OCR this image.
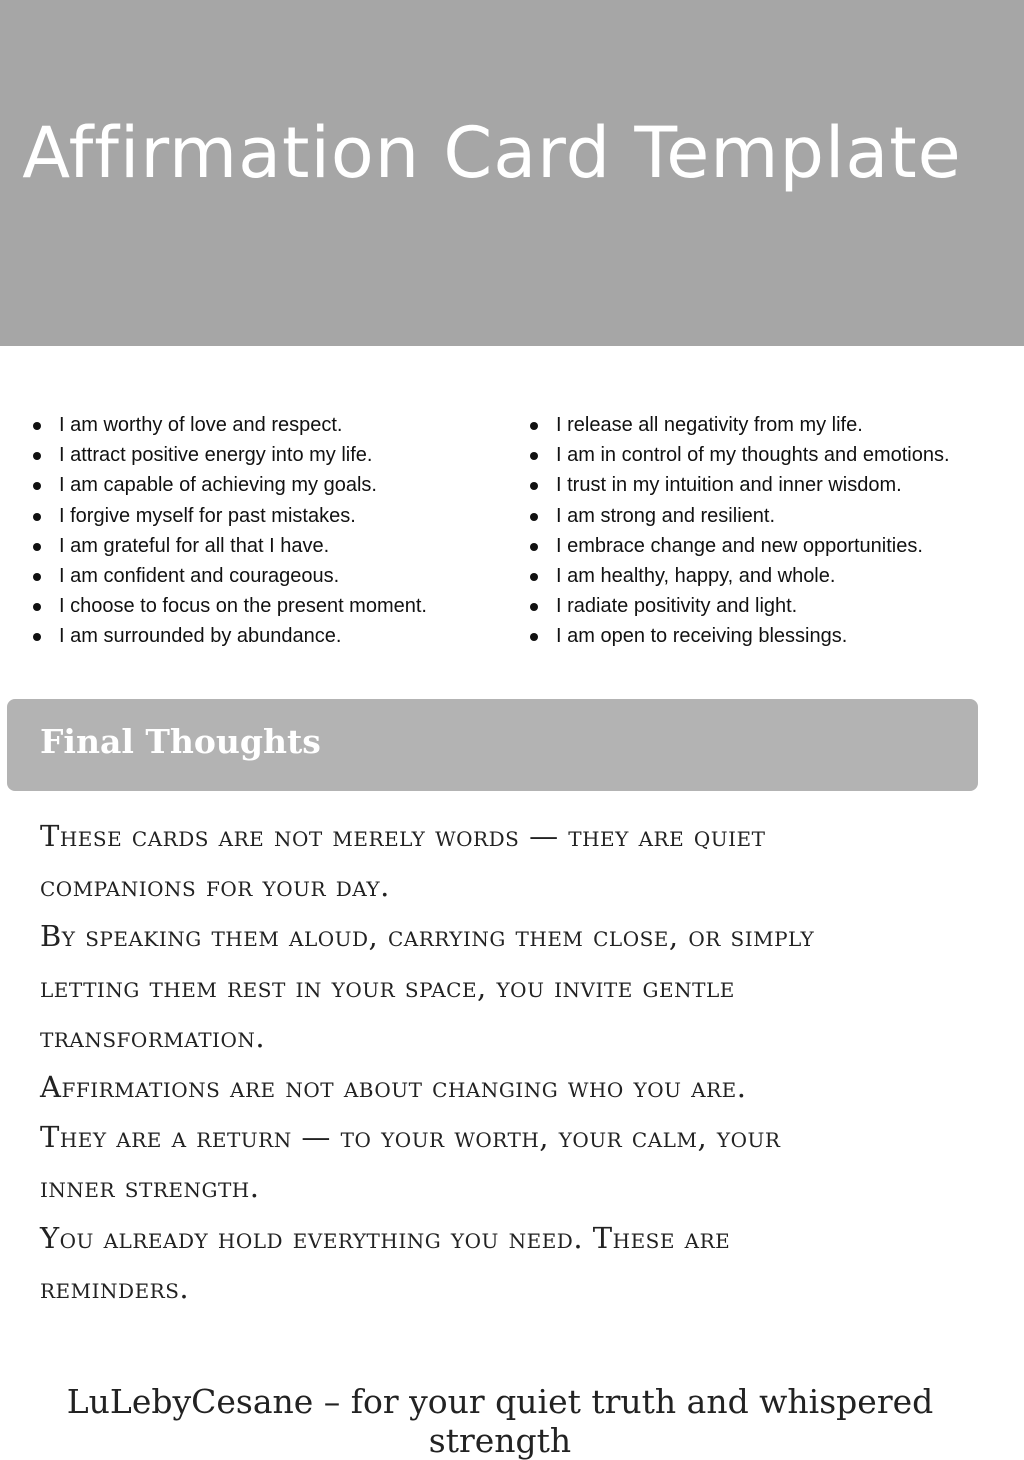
Affirmation Card Template
I am worthy of love and respect.
I attract positive energy into my life.
I am capable of achieving my goals.
I forgive myself for past mistakes.
I am grateful for all that I have.
I am confident and courageous.
I choose to focus on the present moment.
I am surrounded by abundance.
I release all negativity from my life.
I am in control of my thoughts and emotions.
I trust in my intuition and inner wisdom.
I am strong and resilient.
I embrace change and new opportunities.
I am healthy, happy, and whole.
I radiate positivity and light.
I am open to receiving blessings.
Final Thoughts
These cards are not merely words — they are quiet
companions for your day.
By speaking them aloud, carrying them close, or simply
letting them rest in your space, you invite gentle
transformation.
Affirmations are not about changing who you are.
They are a return — to your worth, your calm, your
inner strength.
You already hold everything you need. These are
reminders.

LuLebyCesane – for your quiet truth and whispered strength
